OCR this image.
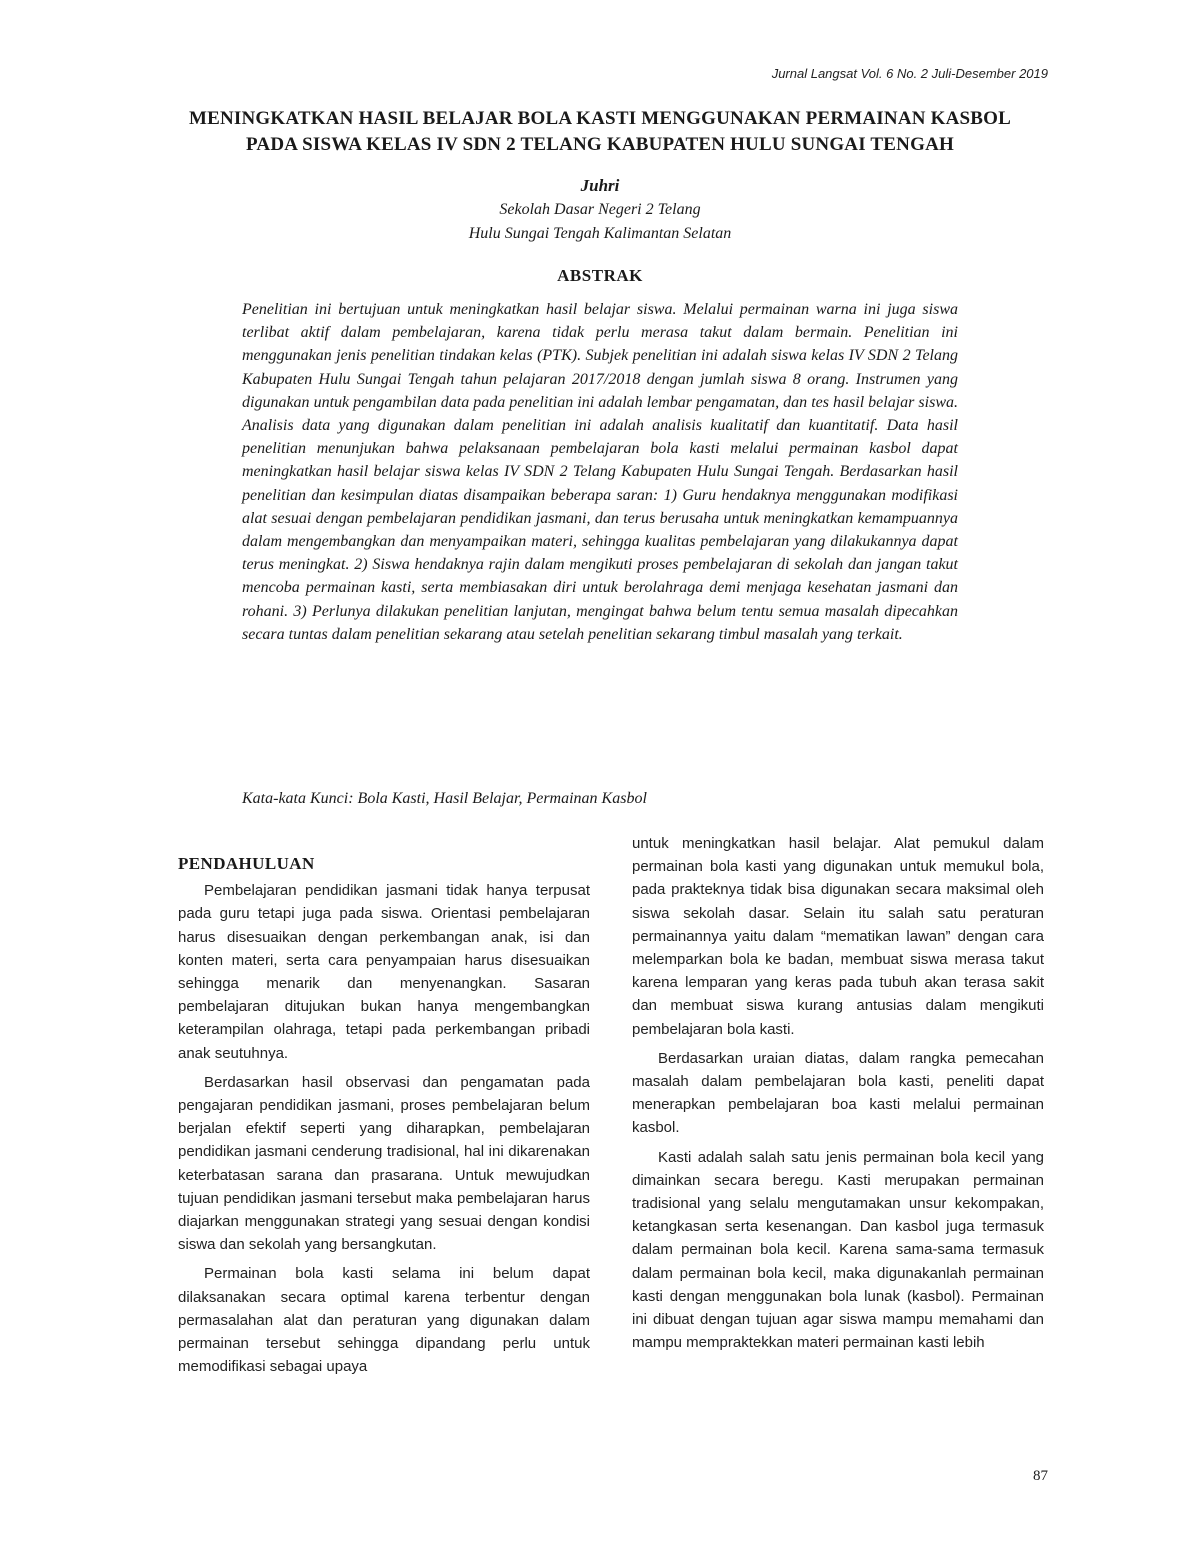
Jurnal Langsat Vol. 6 No. 2 Juli-Desember 2019
MENINGKATKAN HASIL BELAJAR BOLA KASTI MENGGUNAKAN PERMAINAN KASBOL
PADA SISWA KELAS IV SDN 2 TELANG KABUPATEN HULU SUNGAI TENGAH
Juhri
Sekolah Dasar Negeri 2 Telang
Hulu Sungai Tengah Kalimantan Selatan
ABSTRAK
Penelitian ini bertujuan untuk meningkatkan hasil belajar siswa. Melalui permainan warna ini juga siswa terlibat aktif dalam pembelajaran, karena tidak perlu merasa takut dalam bermain. Penelitian ini menggunakan jenis penelitian tindakan kelas (PTK). Subjek penelitian ini adalah siswa kelas IV SDN 2 Telang Kabupaten Hulu Sungai Tengah tahun pelajaran 2017/2018 dengan jumlah siswa 8 orang. Instrumen yang digunakan untuk pengambilan data pada penelitian ini adalah lembar pengamatan, dan tes hasil belajar siswa. Analisis data yang digunakan dalam penelitian ini adalah analisis kualitatif dan kuantitatif. Data hasil penelitian menunjukan bahwa pelaksanaan pembelajaran bola kasti melalui permainan kasbol dapat meningkatkan hasil belajar siswa kelas IV SDN 2 Telang Kabupaten Hulu Sungai Tengah. Berdasarkan hasil penelitian dan kesimpulan diatas disampaikan beberapa saran: 1) Guru hendaknya menggunakan modifikasi alat sesuai dengan pembelajaran pendidikan jasmani, dan terus berusaha untuk meningkatkan kemampuannya dalam mengembangkan dan menyampaikan materi, sehingga kualitas pembelajaran yang dilakukannya dapat terus meningkat. 2) Siswa hendaknya rajin dalam mengikuti proses pembelajaran di sekolah dan jangan takut mencoba permainan kasti, serta membiasakan diri untuk berolahraga demi menjaga kesehatan jasmani dan rohani. 3) Perlunya dilakukan penelitian lanjutan, mengingat bahwa belum tentu semua masalah dipecahkan secara tuntas dalam penelitian sekarang atau setelah penelitian sekarang timbul masalah yang terkait.
Kata-kata Kunci: Bola Kasti, Hasil Belajar, Permainan Kasbol
PENDAHULUAN

Pembelajaran pendidikan jasmani tidak hanya terpusat pada guru tetapi juga pada siswa. Orientasi pembelajaran harus disesuaikan dengan perkembangan anak, isi dan konten materi, serta cara penyampaian harus disesuaikan sehingga menarik dan menyenangkan. Sasaran pembelajaran ditujukan bukan hanya mengembangkan keterampilan olahraga, tetapi pada perkembangan pribadi anak seutuhnya.

Berdasarkan hasil observasi dan pengamatan pada pengajaran pendidikan jasmani, proses pembelajaran belum berjalan efektif seperti yang diharapkan, pembelajaran pendidikan jasmani cenderung tradisional, hal ini dikarenakan keterbatasan sarana dan prasarana. Untuk mewujudkan tujuan pendidikan jasmani tersebut maka pembelajaran harus diajarkan menggunakan strategi yang sesuai dengan kondisi siswa dan sekolah yang bersangkutan.

Permainan bola kasti selama ini belum dapat dilaksanakan secara optimal karena terbentur dengan permasalahan alat dan peraturan yang digunakan dalam permainan tersebut sehingga dipandang perlu untuk memodifikasi sebagai upaya

untuk meningkatkan hasil belajar. Alat pemukul dalam permainan bola kasti yang digunakan untuk memukul bola, pada prakteknya tidak bisa digunakan secara maksimal oleh siswa sekolah dasar. Selain itu salah satu peraturan permainannya yaitu dalam “mematikan lawan” dengan cara melemparkan bola ke badan, membuat siswa merasa takut karena lemparan yang keras pada tubuh akan terasa sakit dan membuat siswa kurang antusias dalam mengikuti pembelajaran bola kasti.

Berdasarkan uraian diatas, dalam rangka pemecahan masalah dalam pembelajaran bola kasti, peneliti dapat menerapkan pembelajaran boa kasti melalui permainan kasbol.

Kasti adalah salah satu jenis permainan bola kecil yang dimainkan secara beregu. Kasti merupakan permainan tradisional yang selalu mengutamakan unsur kekompakan, ketangkasan serta kesenangan. Dan kasbol juga termasuk dalam permainan bola kecil. Karena sama-sama termasuk dalam permainan bola kecil, maka digunakanlah permainan kasti dengan menggunakan bola lunak (kasbol). Permainan ini dibuat dengan tujuan agar siswa mampu memahami dan mampu mempraktekkan materi permainan kasti lebih

87
